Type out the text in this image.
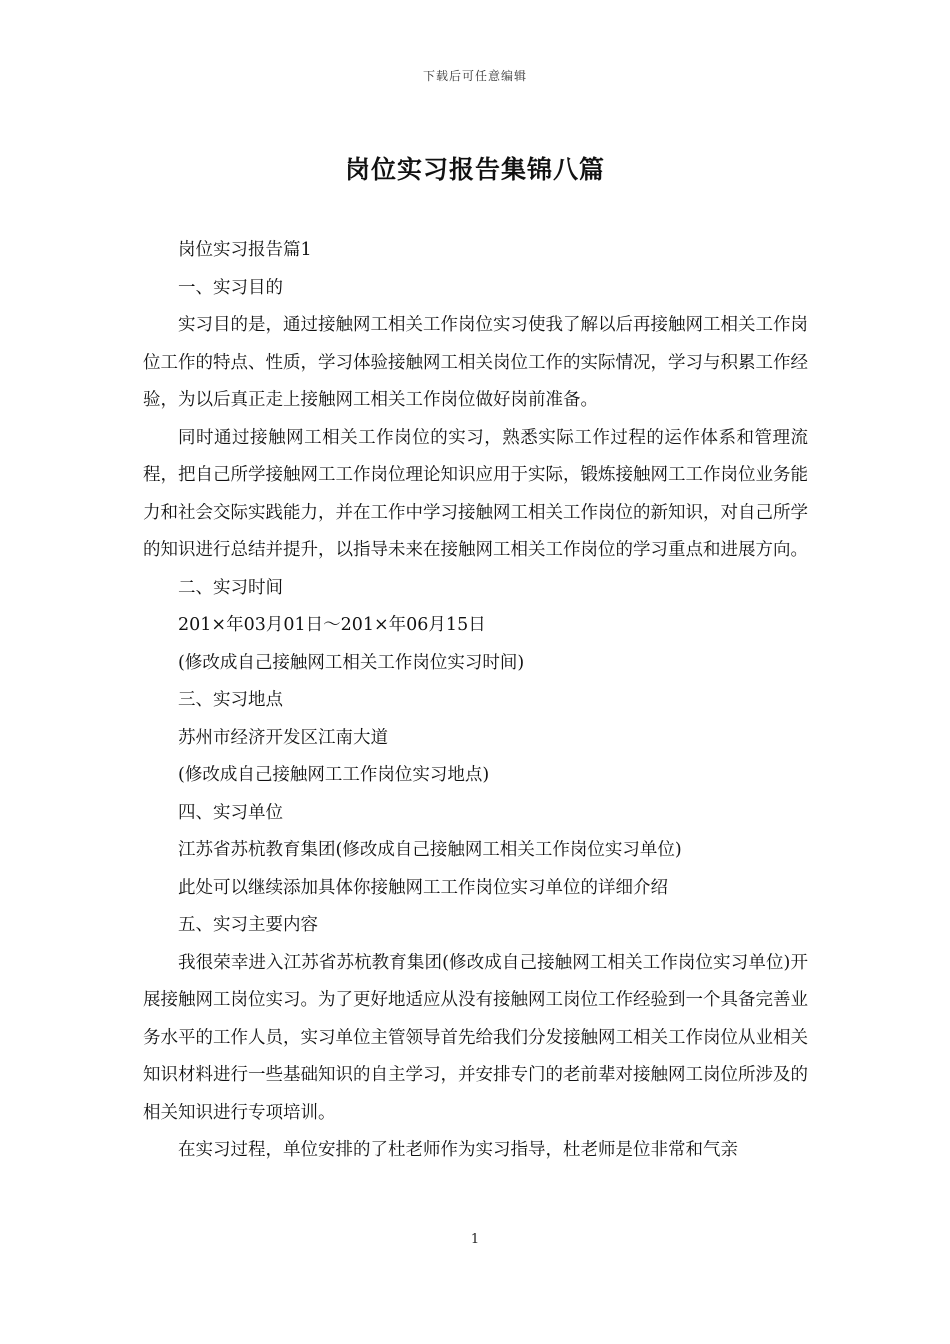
下载后可任意编辑
岗位实习报告集锦八篇

岗位实习报告篇1

一、实习目的

实习目的是，通过接触网工相关工作岗位实习使我了解以后再接触网工相关工作岗位工作的特点、性质，学习体验接触网工相关岗位工作的实际情况，学习与积累工作经验，为以后真正走上接触网工相关工作岗位做好岗前准备。

同时通过接触网工相关工作岗位的实习，熟悉实际工作过程的运作体系和管理流程，把自己所学接触网工工作岗位理论知识应用于实际，锻炼接触网工工作岗位业务能力和社会交际实践能力，并在工作中学习接触网工相关工作岗位的新知识，对自己所学的知识进行总结并提升，以指导未来在接触网工相关工作岗位的学习重点和进展方向。

二、实习时间

201×年03月01日～201×年06月15日

(修改成自己接触网工相关工作岗位实习时间)

三、实习地点

苏州市经济开发区江南大道

(修改成自己接触网工工作岗位实习地点)

四、实习单位

江苏省苏杭教育集团(修改成自己接触网工相关工作岗位实习单位)

此处可以继续添加具体你接触网工工作岗位实习单位的详细介绍

五、实习主要内容

我很荣幸进入江苏省苏杭教育集团(修改成自己接触网工相关工作岗位实习单位)开展接触网工岗位实习。为了更好地适应从没有接触网工岗位工作经验到一个具备完善业务水平的工作人员，实习单位主管领导首先给我们分发接触网工相关工作岗位从业相关知识材料进行一些基础知识的自主学习，并安排专门的老前辈对接触网工岗位所涉及的相关知识进行专项培训。

在实习过程，单位安排的了杜老师作为实习指导，杜老师是位非常和气亲

1
